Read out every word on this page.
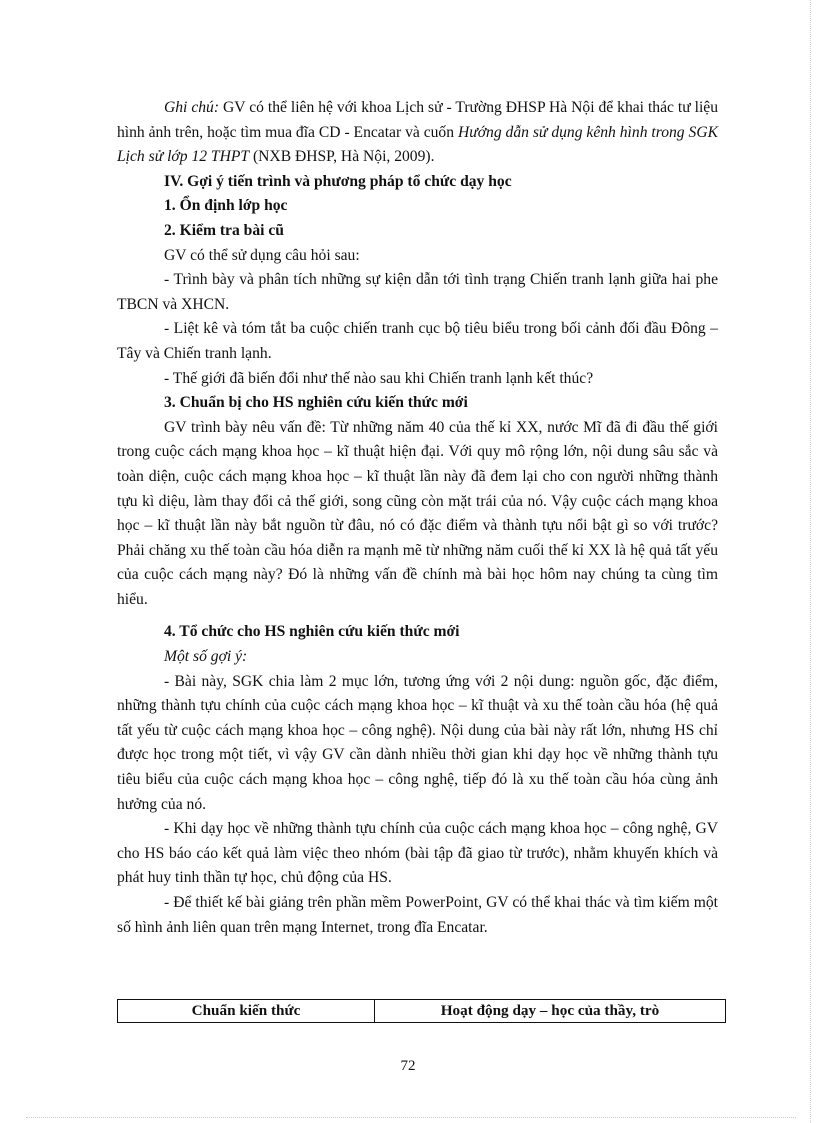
Ghi chú: GV có thể liên hệ với khoa Lịch sử - Trường ĐHSP Hà Nội để khai thác tư liệu hình ảnh trên, hoặc tìm mua đĩa CD - Encatar và cuốn Hướng dẫn sử dụng kênh hình trong SGK Lịch sử lớp 12 THPT (NXB ĐHSP, Hà Nội, 2009).

IV. Gợi ý tiến trình và phương pháp tổ chức dạy học

1. Ổn định lớp học

2. Kiểm tra bài cũ

GV có thể sử dụng câu hỏi sau:

- Trình bày và phân tích những sự kiện dẫn tới tình trạng Chiến tranh lạnh giữa hai phe TBCN và XHCN.

- Liệt kê và tóm tắt ba cuộc chiến tranh cục bộ tiêu biểu trong bối cảnh đối đầu Đông – Tây và Chiến tranh lạnh.

- Thế giới đã biến đổi như thế nào sau khi Chiến tranh lạnh kết thúc?

3. Chuẩn bị cho HS nghiên cứu kiến thức mới

GV trình bày nêu vấn đề: Từ những năm 40 của thế kỉ XX, nước Mĩ đã đi đầu thế giới trong cuộc cách mạng khoa học – kĩ thuật hiện đại. Với quy mô rộng lớn, nội dung sâu sắc và toàn diện, cuộc cách mạng khoa học – kĩ thuật lần này đã đem lại cho con người những thành tựu kì diệu, làm thay đổi cả thế giới, song cũng còn mặt trái của nó. Vậy cuộc cách mạng khoa học – kĩ thuật lần này bắt nguồn từ đâu, nó có đặc điểm và thành tựu nổi bật gì so với trước? Phải chăng xu thế toàn cầu hóa diễn ra mạnh mẽ từ những năm cuối thế kỉ XX là hệ quả tất yếu của cuộc cách mạng này? Đó là những vấn đề chính mà bài học hôm nay chúng ta cùng tìm hiểu.

4. Tổ chức cho HS nghiên cứu kiến thức mới

Một số gợi ý:

- Bài này, SGK chia làm 2 mục lớn, tương ứng với 2 nội dung: nguồn gốc, đặc điểm, những thành tựu chính của cuộc cách mạng khoa học – kĩ thuật và xu thế toàn cầu hóa (hệ quả tất yếu từ cuộc cách mạng khoa học – công nghệ). Nội dung của bài này rất lớn, nhưng HS chỉ được học trong một tiết, vì vậy GV cần dành nhiều thời gian khi dạy học về những thành tựu tiêu biểu của cuộc cách mạng khoa học – công nghệ, tiếp đó là xu thế toàn cầu hóa cùng ảnh hưởng của nó.

- Khi dạy học về những thành tựu chính của cuộc cách mạng khoa học – công nghệ, GV cho HS báo cáo kết quả làm việc theo nhóm (bài tập đã giao từ trước), nhằm khuyến khích và phát huy tinh thần tự học, chủ động của HS.

- Để thiết kế bài giảng trên phần mềm PowerPoint, GV có thể khai thác và tìm kiếm một số hình ảnh liên quan trên mạng Internet, trong đĩa Encatar.

Chuẩn kiến thức	Hoạt động dạy – học của thầy, trò
72
